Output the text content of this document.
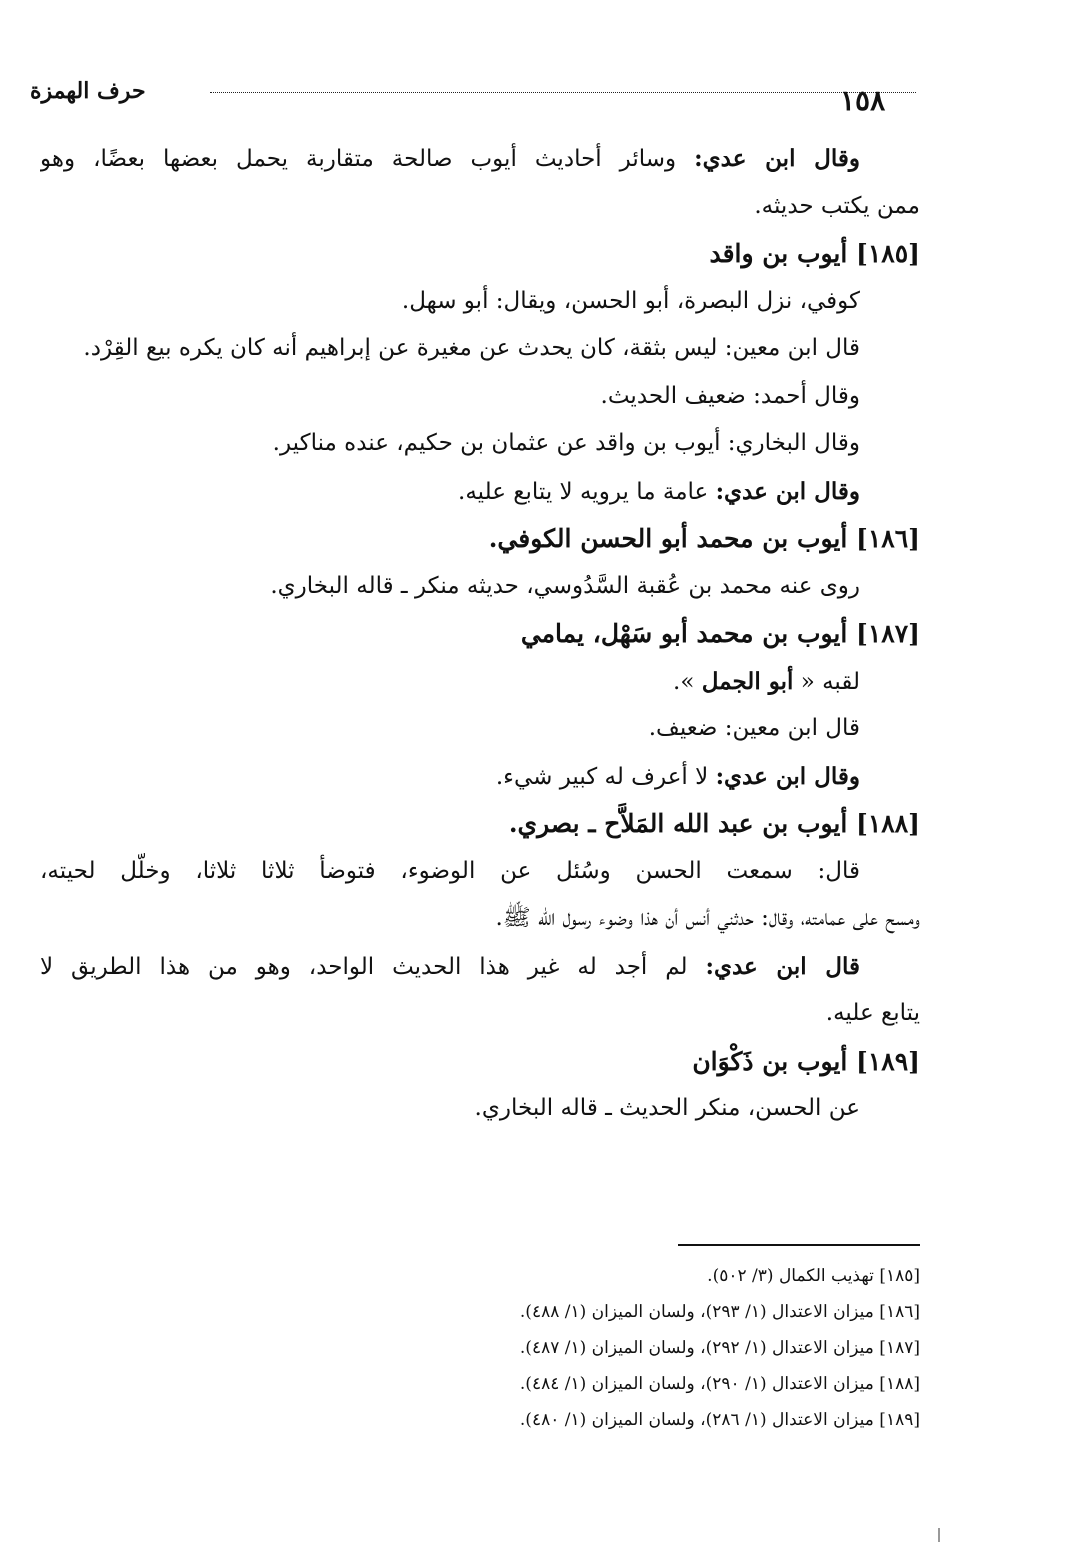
حرف الهمزة	١٥٨
وقال ابن عدي: وسائر أحاديث أيوب صالحة متقاربة يحمل بعضها بعضًا، وهو
ممن يكتب حديثه.
[١٨٥] أيوب بن واقد
كوفي، نزل البصرة، أبو الحسن، ويقال: أبو سهل.
قال ابن معين: ليس بثقة، كان يحدث عن مغيرة عن إبراهيم أنه كان يكره بيع القِرْد.
وقال أحمد: ضعيف الحديث.
وقال البخاري: أيوب بن واقد عن عثمان بن حكيم، عنده مناكير.
وقال ابن عدي: عامة ما يرويه لا يتابع عليه.
[١٨٦] أيوب بن محمد أبو الحسن الكوفي.
روى عنه محمد بن عُقبة السَّدُوسي، حديثه منكر ـ قاله البخاري.
[١٨٧] أيوب بن محمد أبو سَهْل، يمامي
لقبه « أبو الجمل ».
قال ابن معين: ضعيف.
وقال ابن عدي: لا أعرف له كبير شيء.
[١٨٨] أيوب بن عبد الله المَلاَّح ـ بصري.
قال: سمعت الحسن وسُئل عن الوضوء، فتوضأ ثلاثا ثلاثا، وخلّل لحيته،
ومسح على عمامته، وقال: حدثني أنس أن هذا وضوء رسول الله ﷺ.
قال ابن عدي: لم أجد له غير هذا الحديث الواحد، وهو من هذا الطريق لا
يتابع عليه.
[١٨٩] أيوب بن ذَكْوَان
عن الحسن، منكر الحديث ـ قاله البخاري.
[١٨٥] تهذيب الكمال (٣/ ٥٠٢).
[١٨٦] ميزان الاعتدال (١/ ٢٩٣)، ولسان الميزان (١/ ٤٨٨).
[١٨٧] ميزان الاعتدال (١/ ٢٩٢)، ولسان الميزان (١/ ٤٨٧).
[١٨٨] ميزان الاعتدال (١/ ٢٩٠)، ولسان الميزان (١/ ٤٨٤).
[١٨٩] ميزان الاعتدال (١/ ٢٨٦)، ولسان الميزان (١/ ٤٨٠).
